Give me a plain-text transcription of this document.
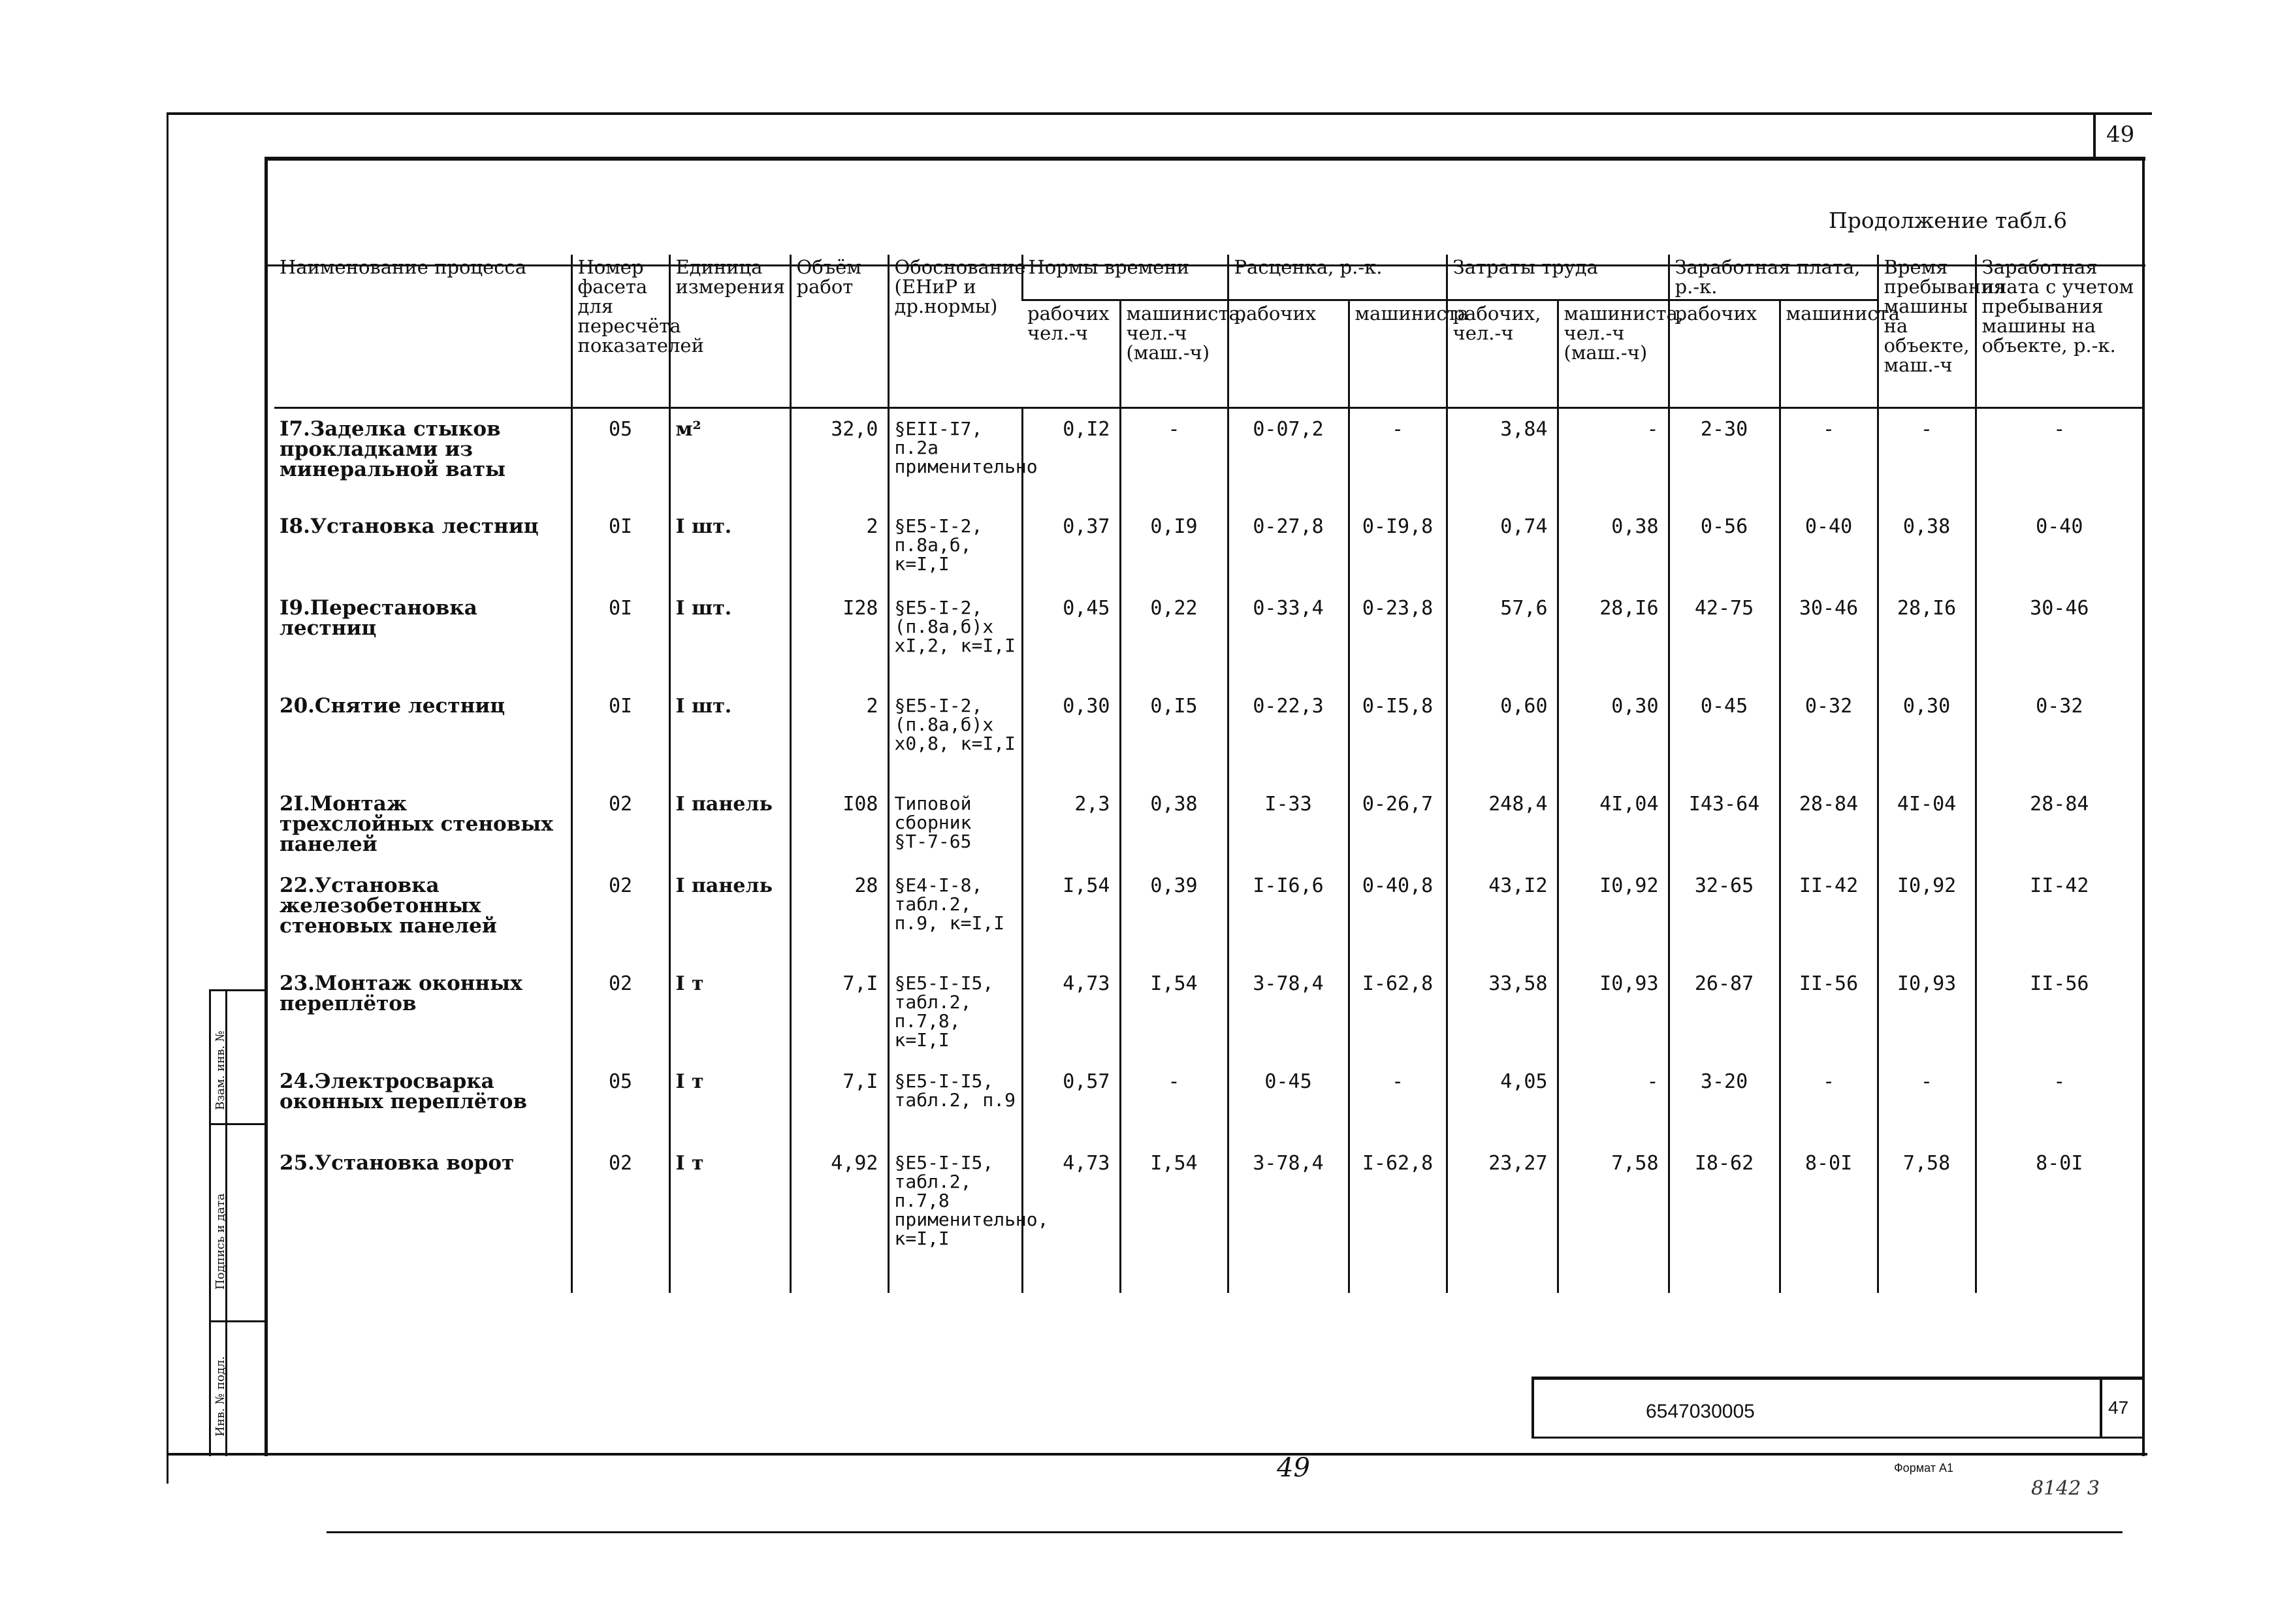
49
Продолжение табл.6
Наименование процесса	Номер фасета для пересчёта показателей	Единица измерения	Объём работ	Обоснование (ЕНиР и др.нормы)	Нормы времени		Расценка, р.-к.		Затраты труда		Заработная плата, р.-к.		Время пребывания машины на объекте, маш.-ч	Заработная плата с учетом пребывания машины на объекте, р.-к.
					рабочих чел.-ч	машиниста, чел.-ч (маш.-ч)	рабочих	машиниста	рабочих, чел.-ч	машиниста, чел.-ч (маш.-ч)	рабочих	машиниста		
I7.Заделка стыков прокладками из минеральной ваты	05	м²	32,0	§ЕII-I7, п.2а применительно	0,I2	-	0-07,2	-	3,84	-	2-30	-	-	-
I8.Установка лестниц	0I	I шт.	2	§Е5-I-2, п.8а,б, к=I,I	0,37	0,I9	0-27,8	0-I9,8	0,74	0,38	0-56	0-40	0,38	0-40
I9.Перестановка лестниц	0I	I шт.	I28	§Е5-I-2, (п.8а,б)х хI,2, к=I,I	0,45	0,22	0-33,4	0-23,8	57,6	28,I6	42-75	30-46	28,I6	30-46
20.Снятие лестниц	0I	I шт.	2	§Е5-I-2, (п.8а,б)х х0,8, к=I,I	0,30	0,I5	0-22,3	0-I5,8	0,60	0,30	0-45	0-32	0,30	0-32
2I.Монтаж трехслойных стеновых панелей	02	I панель	I08	Типовой сборник §Т-7-65	2,3	0,38	I-33	0-26,7	248,4	4I,04	I43-64	28-84	4I-04	28-84
22.Установка железобетонных стеновых панелей	02	I панель	28	§Е4-I-8, табл.2, п.9, к=I,I	I,54	0,39	I-I6,6	0-40,8	43,I2	I0,92	32-65	II-42	I0,92	II-42
23.Монтаж оконных переплётов	02	I т	7,I	§Е5-I-I5, табл.2, п.7,8, к=I,I	4,73	I,54	3-78,4	I-62,8	33,58	I0,93	26-87	II-56	I0,93	II-56
24.Электросварка оконных переплётов	05	I т	7,I	§Е5-I-I5, табл.2, п.9	0,57	-	0-45	-	4,05	-	3-20	-	-	-
25.Установка ворот	02	I т	4,92	§Е5-I-I5, табл.2, п.7,8 применительно, к=I,I	4,73	I,54	3-78,4	I-62,8	23,27	7,58	I8-62	8-0I	7,58	8-0I
6547030005	47
49	Формат А1
8142 3
Взам. инв. №
Подпись и дата
Инв. № подл.
